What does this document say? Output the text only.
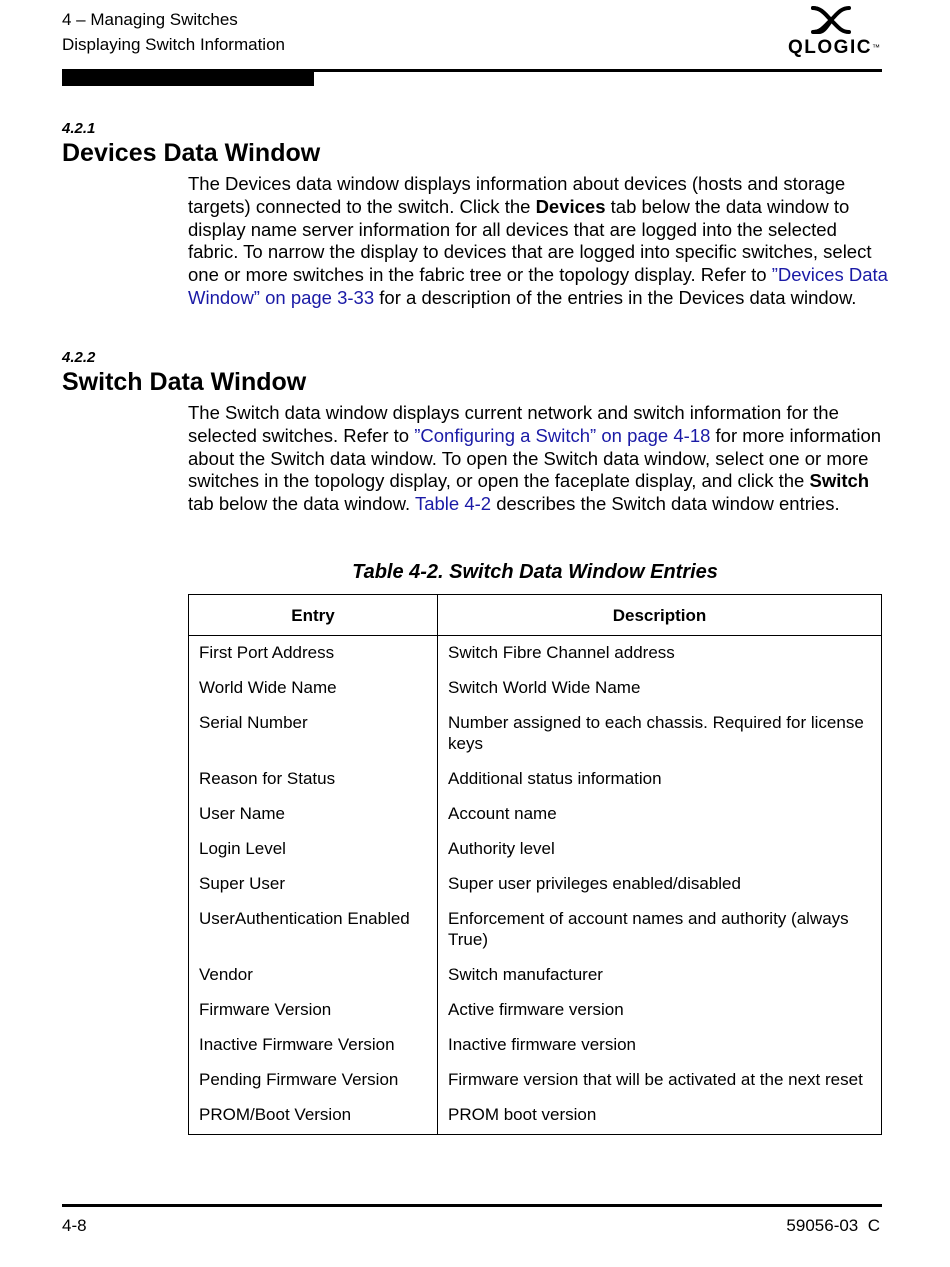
4 – Managing Switches
Displaying Switch Information	QLOGIC™
4.2.1
Devices Data Window
The Devices data window displays information about devices (hosts and storage targets) connected to the switch. Click the Devices tab below the data window to display name server information for all devices that are logged into the selected fabric. To narrow the display to devices that are logged into specific switches, select one or more switches in the fabric tree or the topology display. Refer to ”Devices Data Window” on page 3-33 for a description of the entries in the Devices data window.
4.2.2
Switch Data Window
The Switch data window displays current network and switch information for the selected switches. Refer to ”Configuring a Switch” on page 4-18 for more information about the Switch data window. To open the Switch data window, select one or more switches in the topology display, or open the faceplate display, and click the Switch tab below the data window. Table 4-2 describes the Switch data window entries.
Table 4-2. Switch Data Window Entries
Entry	Description
First Port Address	Switch Fibre Channel address
World Wide Name	Switch World Wide Name
Serial Number	Number assigned to each chassis. Required for license keys
Reason for Status	Additional status information
User Name	Account name
Login Level	Authority level
Super User	Super user privileges enabled/disabled
UserAuthentication Enabled	Enforcement of account names and authority (always True)
Vendor	Switch manufacturer
Firmware Version	Active firmware version
Inactive Firmware Version	Inactive firmware version
Pending Firmware Version	Firmware version that will be activated at the next reset
PROM/Boot Version	PROM boot version
4-8	59056-03  C
